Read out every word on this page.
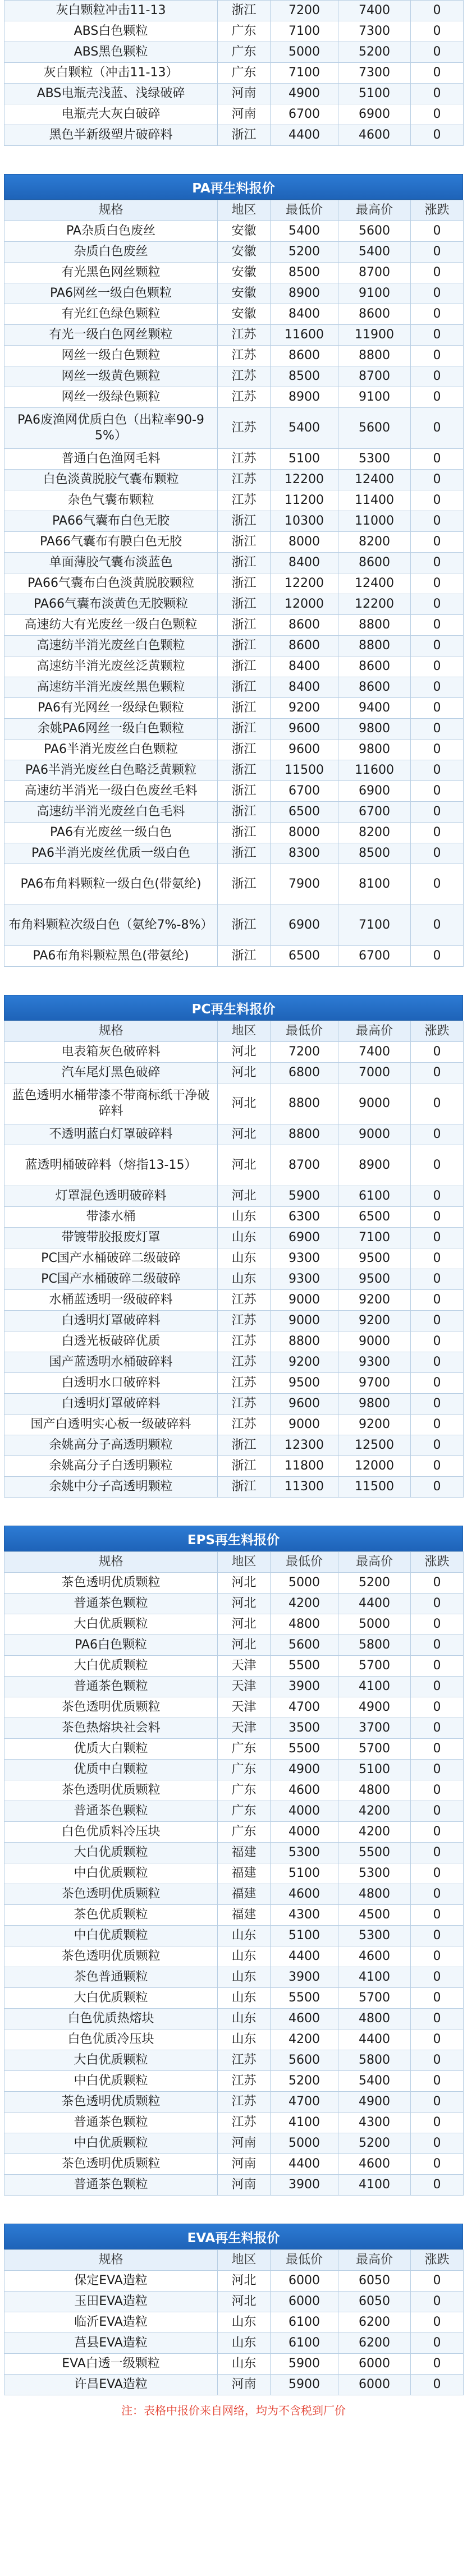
灰白颗粒冲击11-13	浙江	7200	7400	0
ABS白色颗粒	广东	7100	7300	0
ABS黑色颗粒	广东	5000	5200	0
灰白颗粒（冲击11-13）	广东	7100	7300	0
ABS电瓶壳浅蓝、浅绿破碎	河南	4900	5100	0
电瓶壳大灰白破碎	河南	6700	6900	0
黑色半新级塑片破碎料	浙江	4400	4600	0
PA再生料报价
规格	地区	最低价	最高价	涨跌
PA杂质白色废丝	安徽	5400	5600	0
杂质白色废丝	安徽	5200	5400	0
有光黑色网丝颗粒	安徽	8500	8700	0
PA6网丝一级白色颗粒	安徽	8900	9100	0
有光红色绿色颗粒	安徽	8400	8600	0
有光一级白色网丝颗粒	江苏	11600	11900	0
网丝一级白色颗粒	江苏	8600	8800	0
网丝一级黄色颗粒	江苏	8500	8700	0
网丝一级绿色颗粒	江苏	8900	9100	0
PA6废渔网优质白色（出粒率90-95%）	江苏	5400	5600	0
普通白色渔网毛料	江苏	5100	5300	0
白色淡黄脱胶气囊布颗粒	江苏	12200	12400	0
杂色气囊布颗粒	江苏	11200	11400	0
PA66气囊布白色无胶	浙江	10300	11000	0
PA66气囊布有膜白色无胶	浙江	8000	8200	0
单面薄胶气囊布淡蓝色	浙江	8400	8600	0
PA66气囊布白色淡黄脱胶颗粒	浙江	12200	12400	0
PA66气囊布淡黄色无胶颗粒	浙江	12000	12200	0
高速纺大有光废丝一级白色颗粒	浙江	8600	8800	0
高速纺半消光废丝白色颗粒	浙江	8600	8800	0
高速纺半消光废丝泛黄颗粒	浙江	8400	8600	0
高速纺半消光废丝黑色颗粒	浙江	8400	8600	0
PA6有光网丝一级绿色颗粒	浙江	9200	9400	0
余姚PA6网丝一级白色颗粒	浙江	9600	9800	0
PA6半消光废丝白色颗粒	浙江	9600	9800	0
PA6半消光废丝白色略泛黄颗粒	浙江	11500	11600	0
高速纺半消光一级白色废丝毛料	浙江	6700	6900	0
高速纺半消光废丝白色毛料	浙江	6500	6700	0
PA6有光废丝一级白色	浙江	8000	8200	0
PA6半消光废丝优质一级白色	浙江	8300	8500	0
PA6布角料颗粒一级白色(带氨纶)	浙江	7900	8100	0
布角料颗粒次级白色（氨纶7%-8%）	浙江	6900	7100	0
PA6布角料颗粒黑色(带氨纶)	浙江	6500	6700	0
PC再生料报价
规格	地区	最低价	最高价	涨跌
电表箱灰色破碎料	河北	7200	7400	0
汽车尾灯黑色破碎	河北	6800	7000	0
蓝色透明水桶带漆不带商标纸干净破碎料	河北	8800	9000	0
不透明蓝白灯罩破碎料	河北	8800	9000	0
蓝透明桶破碎料（熔指13-15）	河北	8700	8900	0
灯罩混色透明破碎料	河北	5900	6100	0
带漆水桶	山东	6300	6500	0
带镀带胶报废灯罩	山东	6900	7100	0
PC国产水桶破碎二级破碎	山东	9300	9500	0
PC国产水桶破碎二级破碎	山东	9300	9500	0
水桶蓝透明一级破碎料	江苏	9000	9200	0
白透明灯罩破碎料	江苏	9000	9200	0
白透光板破碎优质	江苏	8800	9000	0
国产蓝透明水桶破碎料	江苏	9200	9300	0
白透明水口破碎料	江苏	9500	9700	0
白透明灯罩破碎料	江苏	9600	9800	0
国产白透明实心板一级破碎料	江苏	9000	9200	0
余姚高分子高透明颗粒	浙江	12300	12500	0
余姚高分子白透明颗粒	浙江	11800	12000	0
余姚中分子高透明颗粒	浙江	11300	11500	0
EPS再生料报价
规格	地区	最低价	最高价	涨跌
茶色透明优质颗粒	河北	5000	5200	0
普通茶色颗粒	河北	4200	4400	0
大白优质颗粒	河北	4800	5000	0
PA6白色颗粒	河北	5600	5800	0
大白优质颗粒	天津	5500	5700	0
普通茶色颗粒	天津	3900	4100	0
茶色透明优质颗粒	天津	4700	4900	0
茶色热熔块社会料	天津	3500	3700	0
优质大白颗粒	广东	5500	5700	0
优质中白颗粒	广东	4900	5100	0
茶色透明优质颗粒	广东	4600	4800	0
普通茶色颗粒	广东	4000	4200	0
白色优质料冷压块	广东	4000	4200	0
大白优质颗粒	福建	5300	5500	0
中白优质颗粒	福建	5100	5300	0
茶色透明优质颗粒	福建	4600	4800	0
茶色优质颗粒	福建	4300	4500	0
中白优质颗粒	山东	5100	5300	0
茶色透明优质颗粒	山东	4400	4600	0
茶色普通颗粒	山东	3900	4100	0
大白优质颗粒	山东	5500	5700	0
白色优质热熔块	山东	4600	4800	0
白色优质冷压块	山东	4200	4400	0
大白优质颗粒	江苏	5600	5800	0
中白优质颗粒	江苏	5200	5400	0
茶色透明优质颗粒	江苏	4700	4900	0
普通茶色颗粒	江苏	4100	4300	0
中白优质颗粒	河南	5000	5200	0
茶色透明优质颗粒	河南	4400	4600	0
普通茶色颗粒	河南	3900	4100	0
EVA再生料报价
规格	地区	最低价	最高价	涨跌
保定EVA造粒	河北	6000	6050	0
玉田EVA造粒	河北	6000	6050	0
临沂EVA造粒	山东	6100	6200	0
莒县EVA造粒	山东	6100	6200	0
EVA白透一级颗粒	山东	5900	6000	0
许昌EVA造粒	河南	5900	6000	0
注：表格中报价来自网络，均为不含税到厂价
